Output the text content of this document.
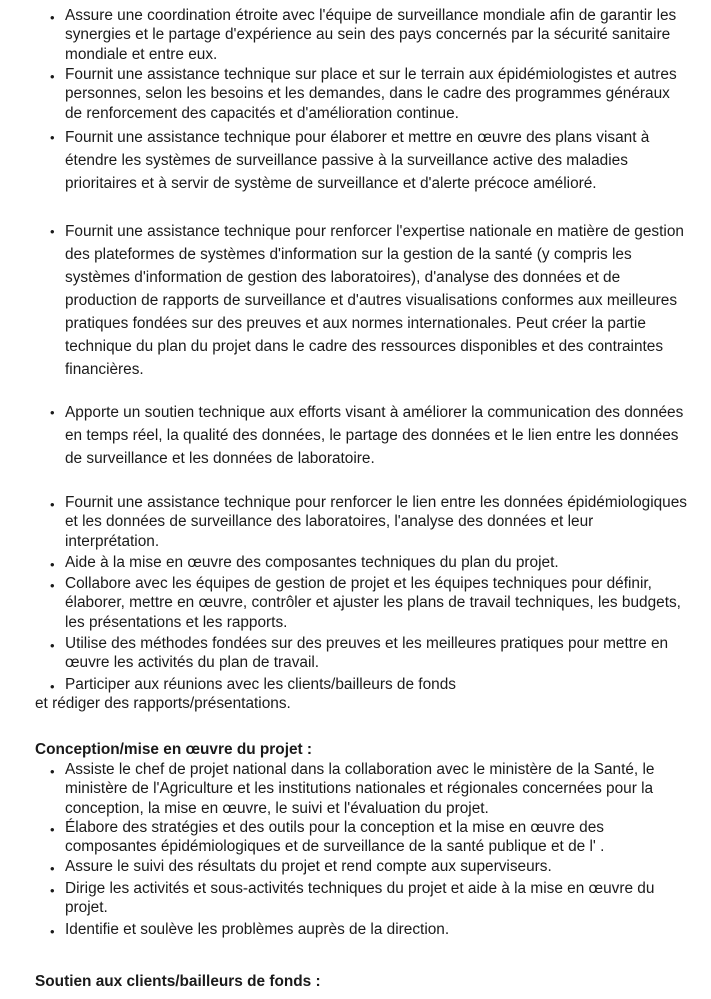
• Assure une coordination étroite avec l'équipe de surveillance mondiale afin de garantir les synergies et le partage d'expérience au sein des pays concernés par la sécurité sanitaire mondiale et entre eux.
• Fournit une assistance technique sur place et sur le terrain aux épidémiologistes et autres personnes, selon les besoins et les demandes, dans le cadre des programmes généraux de renforcement des capacités et d'amélioration continue.
• Fournit une assistance technique pour élaborer et mettre en œuvre des plans visant à étendre les systèmes de surveillance passive à la surveillance active des maladies prioritaires et à servir de système de surveillance et d'alerte précoce amélioré.
• Fournit une assistance technique pour renforcer l'expertise nationale en matière de gestion des plateformes de systèmes d'information sur la gestion de la santé (y compris les systèmes d'information de gestion des laboratoires), d'analyse des données et de production de rapports de surveillance et d'autres visualisations conformes aux meilleures pratiques fondées sur des preuves et aux normes internationales. Peut créer la partie technique du plan du projet dans le cadre des ressources disponibles et des contraintes financières.
• Apporte un soutien technique aux efforts visant à améliorer la communication des données en temps réel, la qualité des données, le partage des données et le lien entre les données de surveillance et les données de laboratoire.
• Fournit une assistance technique pour renforcer le lien entre les données épidémiologiques et les données de surveillance des laboratoires, l'analyse des données et leur interprétation.
• Aide à la mise en œuvre des composantes techniques du plan du projet.
• Collabore avec les équipes de gestion de projet et les équipes techniques pour définir, élaborer, mettre en œuvre, contrôler et ajuster les plans de travail techniques, les budgets, les présentations et les rapports.
• Utilise des méthodes fondées sur des preuves et les meilleures pratiques pour mettre en œuvre les activités du plan de travail.
• Participer aux réunions avec les clients/bailleurs de fonds
et rédiger des rapports/présentations.
Conception/mise en œuvre du projet :
• Assiste le chef de projet national dans la collaboration avec le ministère de la Santé, le ministère de l'Agriculture et les institutions nationales et régionales concernées pour la conception, la mise en œuvre, le suivi et l'évaluation du projet.
• Élabore des stratégies et des outils pour la conception et la mise en œuvre des composantes épidémiologiques et de surveillance de la santé publique et de l' .
• Assure le suivi des résultats du projet et rend compte aux superviseurs.
• Dirige les activités et sous-activités techniques du projet et aide à la mise en œuvre du projet.
• Identifie et soulève les problèmes auprès de la direction.
Soutien aux clients/bailleurs de fonds :
